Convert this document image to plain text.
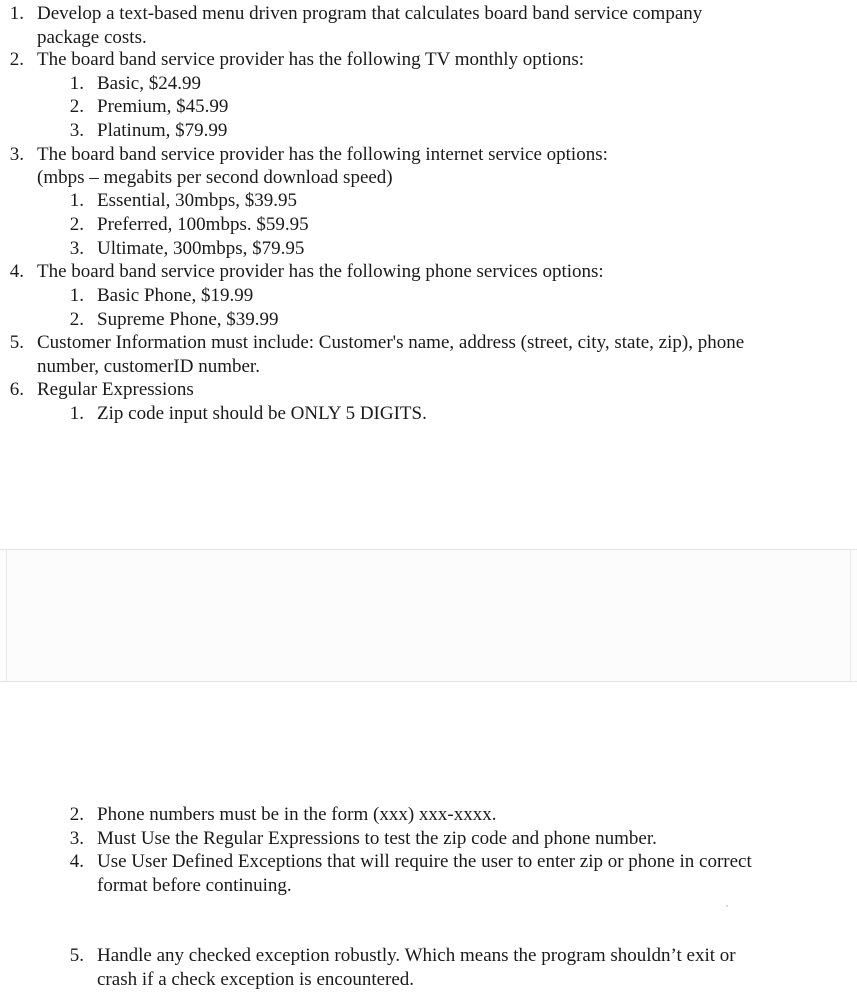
1. Develop a text-based menu driven program that calculates board band service company package costs.
2. The board band service provider has the following TV monthly options:
1. Basic, $24.99
2. Premium, $45.99
3. Platinum, $79.99
3. The board band service provider has the following internet service options:
(mbps – megabits per second download speed)
1. Essential, 30mbps, $39.95
2. Preferred, 100mbps. $59.95
3. Ultimate, 300mbps, $79.95
4. The board band service provider has the following phone services options:
1. Basic Phone, $19.99
2. Supreme Phone, $39.99
5. Customer Information must include: Customer's name, address (street, city, state, zip), phone number, customerID number.
6. Regular Expressions
1. Zip code input should be ONLY 5 DIGITS.
2. Phone numbers must be in the form (xxx) xxx-xxxx.
3. Must Use the Regular Expressions to test the zip code and phone number.
4. Use User Defined Exceptions that will require the user to enter zip or phone in correct format before continuing.
5. Handle any checked exception robustly. Which means the program shouldn’t exit or crash if a check exception is encountered.
